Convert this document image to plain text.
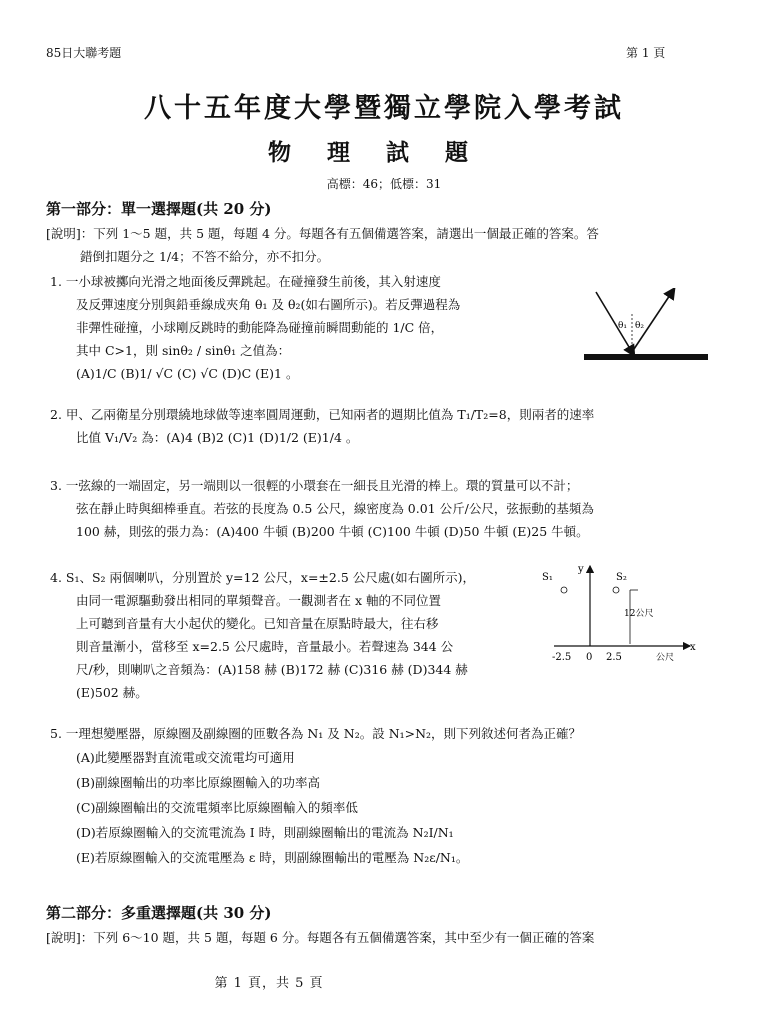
85日大聯考題	第 1 頁
八十五年度大學暨獨立學院入學考試
物 理 試 題
高標：46；低標：31
第一部分：單一選擇題(共 20 分)
[說明]：下列 1～5 題，共 5 題，每題 4 分。每題各有五個備選答案，請選出一個最正確的答案。答
錯倒扣題分之 1/4；不答不給分，亦不扣分。
1. 一小球被擲向光滑之地面後反彈跳起。在碰撞發生前後，其入射速度
及反彈速度分別與鉛垂線成夾角 θ₁ 及 θ₂(如右圖所示)。若反彈過程為
非彈性碰撞，小球剛反跳時的動能降為碰撞前瞬間動能的 1/C 倍，
其中 C>1，則 sinθ₂ / sinθ₁ 之值為：
(A)1/C (B)1/ √C (C) √C (D)C (E)1 。
θ₁ θ₂
2. 甲、乙兩衛星分別環繞地球做等速率圓周運動，已知兩者的週期比值為 T₁/T₂=8，則兩者的速率
比值 V₁/V₂ 為：(A)4 (B)2 (C)1 (D)1/2 (E)1/4 。
3. 一弦線的一端固定，另一端則以一很輕的小環套在一細長且光滑的棒上。環的質量可以不計；
弦在靜止時與細棒垂直。若弦的長度為 0.5 公尺，線密度為 0.01 公斤/公尺，弦振動的基頻為
100 赫，則弦的張力為：(A)400 牛頓 (B)200 牛頓 (C)100 牛頓 (D)50 牛頓 (E)25 牛頓。
4. S₁、S₂ 兩個喇叭，分別置於 y=12 公尺，x=±2.5 公尺處(如右圖所示)，
由同一電源驅動發出相同的單頻聲音。一觀測者在 x 軸的不同位置
上可聽到音量有大小起伏的變化。已知音量在原點時最大，往右移
則音量漸小，當移至 x=2.5 公尺處時，音量最小。若聲速為 344 公
尺/秒，則喇叭之音頻為：(A)158 赫 (B)172 赫 (C)316 赫 (D)344 赫
(E)502 赫。
y
x
S₁	S₂
12公尺
-2.5 0 2.5	公尺
5. 一理想變壓器，原線圈及副線圈的匝數各為 N₁ 及 N₂。設 N₁>N₂，則下列敘述何者為正確？
(A)此變壓器對直流電或交流電均可適用
(B)副線圈輸出的功率比原線圈輸入的功率高
(C)副線圈輸出的交流電頻率比原線圈輸入的頻率低
(D)若原線圈輸入的交流電流為 I 時，則副線圈輸出的電流為 N₂I/N₁
(E)若原線圈輸入的交流電壓為 ε 時，則副線圈輸出的電壓為 N₂ε/N₁。
第二部分：多重選擇題(共 30 分)
[說明]：下列 6～10 題，共 5 題，每題 6 分。每題各有五個備選答案，其中至少有一個正確的答案
第 1 頁，共 5 頁
